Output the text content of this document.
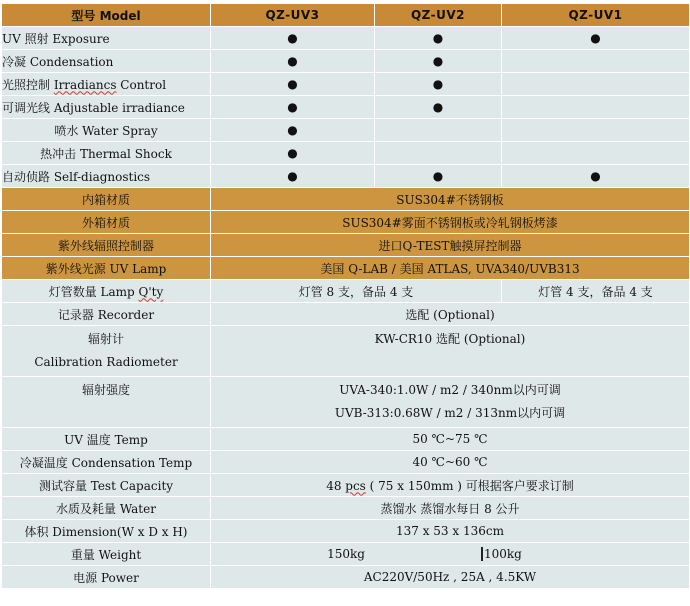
型号 Model	QZ-UV3	QZ-UV2	QZ-UV1
UV 照射 Exposure	●	●	●
冷凝 Condensation	●	●	
光照控制 Irradiancs Control	●	●	
可调光线 Adjustable irradiance	●	●	
喷水 Water Spray	●		
热冲击 Thermal Shock	●		
自动侦路 Self-diagnostics	●	●	●
内箱材质	SUS304#不锈钢板		
外箱材质	SUS304#雾面不锈钢板或冷轧钢板烤漆		
紫外线辐照控制器	进口Q-TEST触摸屏控制器		
紫外线光源 UV Lamp	美国 Q-LAB / 美国 ATLAS, UVA340/UVB313		
灯管数量 Lamp Q'ty	灯管 8 支，备品 4 支		灯管 4 支，备品 4 支
记录器 Recorder	选配 (Optional)		

辐射计
Calibration Radiometer	KW-CR10 选配 (Optional)		
辐射强度	UVA-340:1.0W / m2 / 340nm以内可调
UVB-313:0.68W / m2 / 313nm以内可调		

UV 温度 Temp	50 ℃~75 ℃		
冷凝温度 Condensation Temp	40 ℃~60 ℃		
测试容量 Test Capacity	48 pcs ( 75 x 150mm ) 可根据客户要求订制		
水质及耗量 Water	蒸馏水 蒸馏水每日 8 公升		
体积 Dimension(W x D x H)	137 x 53 x 136cm		
重量 Weight	150kg 100kg		

电源 Power	AC220V/50Hz , 25A , 4.5KW		
